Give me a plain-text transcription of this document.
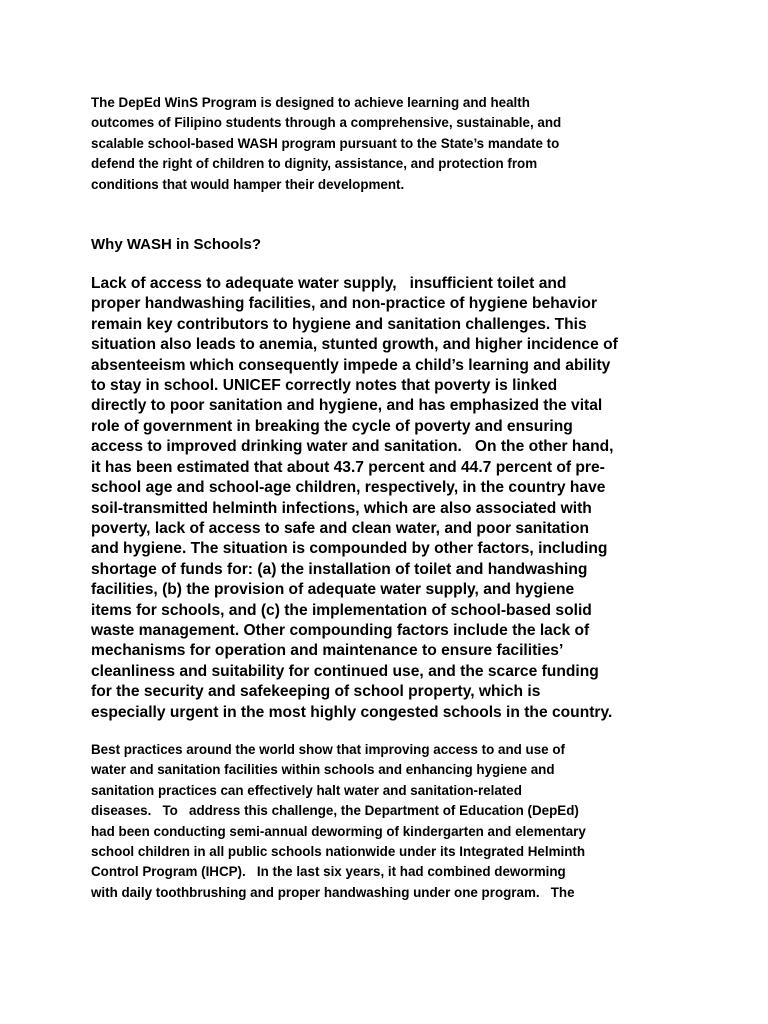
The DepEd WinS Program is designed to achieve learning and health
outcomes of Filipino students through a comprehensive, sustainable, and
scalable school-based WASH program pursuant to the State’s mandate to
defend the right of children to dignity, assistance, and protection from
conditions that would hamper their development.
Why WASH in Schools?
Lack of access to adequate water supply,   insufficient toilet and
proper handwashing facilities, and non-practice of hygiene behavior
remain key contributors to hygiene and sanitation challenges. This
situation also leads to anemia, stunted growth, and higher incidence of
absenteeism which consequently impede a child’s learning and ability
to stay in school. UNICEF correctly notes that poverty is linked
directly to poor sanitation and hygiene, and has emphasized the vital
role of government in breaking the cycle of poverty and ensuring
access to improved drinking water and sanitation.   On the other hand,
it has been estimated that about 43.7 percent and 44.7 percent of pre-
school age and school-age children, respectively, in the country have
soil-transmitted helminth infections, which are also associated with
poverty, lack of access to safe and clean water, and poor sanitation
and hygiene. The situation is compounded by other factors, including
shortage of funds for: (a) the installation of toilet and handwashing
facilities, (b) the provision of adequate water supply, and hygiene
items for schools, and (c) the implementation of school-based solid
waste management. Other compounding factors include the lack of
mechanisms for operation and maintenance to ensure facilities’
cleanliness and suitability for continued use, and the scarce funding
for the security and safekeeping of school property, which is
especially urgent in the most highly congested schools in the country.
Best practices around the world show that improving access to and use of
water and sanitation facilities within schools and enhancing hygiene and
sanitation practices can effectively halt water and sanitation-related
diseases.   To   address this challenge, the Department of Education (DepEd)
had been conducting semi-annual deworming of kindergarten and elementary
school children in all public schools nationwide under its Integrated Helminth
Control Program (IHCP).   In the last six years, it had combined deworming
with daily toothbrushing and proper handwashing under one program.   The
